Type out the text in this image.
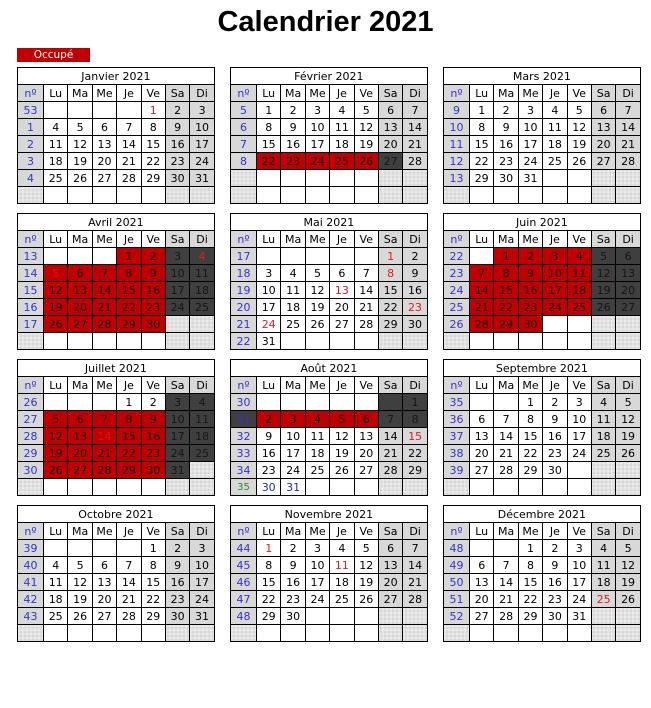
Calendrier 2021
Occupé
Janvier 2021							
nº	Lu	Ma	Me	Je	Ve	Sa	Di
53					1	2	3
1	4	5	6	7	8	9	10
2	11	12	13	14	15	16	17
3	18	19	20	21	22	23	24
4	25	26	27	28	29	30	31

Février 2021							
nº	Lu	Ma	Me	Je	Ve	Sa	Di
5	1	2	3	4	5	6	7
6	8	9	10	11	12	13	14
7	15	16	17	18	19	20	21
8	22	23	24	25	26	27	28

Mars 2021							
nº	Lu	Ma	Me	Je	Ve	Sa	Di
9	1	2	3	4	5	6	7
10	8	9	10	11	12	13	14
11	15	16	17	18	19	20	21
12	22	23	24	25	26	27	28
13	29	30	31				

Avril 2021							
nº	Lu	Ma	Me	Je	Ve	Sa	Di
13				1	2	3	4
14	5	6	7	8	9	10	11
15	12	13	14	15	16	17	18
16	19	20	21	22	23	24	25
17	26	27	28	29	30		

Mai 2021							
nº	Lu	Ma	Me	Je	Ve	Sa	Di
17						1	2
18	3	4	5	6	7	8	9
19	10	11	12	13	14	15	16
20	17	18	19	20	21	22	23
21	24	25	26	27	28	29	30
22	31						
Juin 2021							
nº	Lu	Ma	Me	Je	Ve	Sa	Di
22		1	2	3	4	5	6
23	7	8	9	10	11	12	13
24	14	15	16	17	18	19	20
25	21	22	23	24	25	26	27
26	28	29	30				

Juillet 2021							
nº	Lu	Ma	Me	Je	Ve	Sa	Di
26				1	2	3	4
27	5	6	7	8	9	10	11
28	12	13	14	15	16	17	18
29	19	20	21	22	23	24	25
30	26	27	28	29	30	31	

Août 2021							
nº	Lu	Ma	Me	Je	Ve	Sa	Di
30							1
31	2	3	4	5	6	7	8
32	9	10	11	12	13	14	15
33	16	17	18	19	20	21	22
34	23	24	25	26	27	28	29
35	30	31					
Septembre 2021							
nº	Lu	Ma	Me	Je	Ve	Sa	Di
35			1	2	3	4	5
36	6	7	8	9	10	11	12
37	13	14	15	16	17	18	19
38	20	21	22	23	24	25	26
39	27	28	29	30			

Octobre 2021							
nº	Lu	Ma	Me	Je	Ve	Sa	Di
39					1	2	3
40	4	5	6	7	8	9	10
41	11	12	13	14	15	16	17
42	18	19	20	21	22	23	24
43	25	26	27	28	29	30	31

Novembre 2021							
nº	Lu	Ma	Me	Je	Ve	Sa	Di
44	1	2	3	4	5	6	7
45	8	9	10	11	12	13	14
46	15	16	17	18	19	20	21
47	22	23	24	25	26	27	28
48	29	30					

Décembre 2021							
nº	Lu	Ma	Me	Je	Ve	Sa	Di
48			1	2	3	4	5
49	6	7	8	9	10	11	12
50	13	14	15	16	17	18	19
51	20	21	22	23	24	25	26
52	27	28	29	30	31		
